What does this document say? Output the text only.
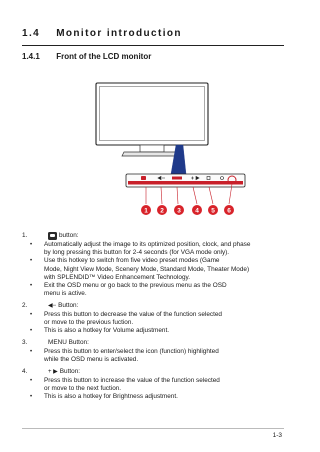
1.4 Monitor introduction
1.4.1 Front of the LCD monitor
1 2 3 4 5 6
1.	button:
• Automatically adjust the image to its optimized position, clock, and phase
by long pressing this button for 2-4 seconds (for VGA mode only).
• Use this hotkey to switch from five video preset modes (Game
Mode, Night View Mode, Scenery Mode, Standard Mode, Theater Mode)
with SPLENDID™ Video Enhancement Technology.
• Exit the OSD menu or go back to the previous menu as the OSD
menu is active.
2.	◀− Button:
• Press this button to decrease the value of the function selected
or move to the previous fuction.
• This is also a hotkey for Volume adjustment.
3.	MENU Button:
• Press this button to enter/select the icon (function) highlighted
while the OSD menu is activated.
4.	+ ▶ Button:
• Press this button to increase the value of the function selected
or move to the next fuction.
• This is also a hotkey for Brightness adjustment.
1-3
